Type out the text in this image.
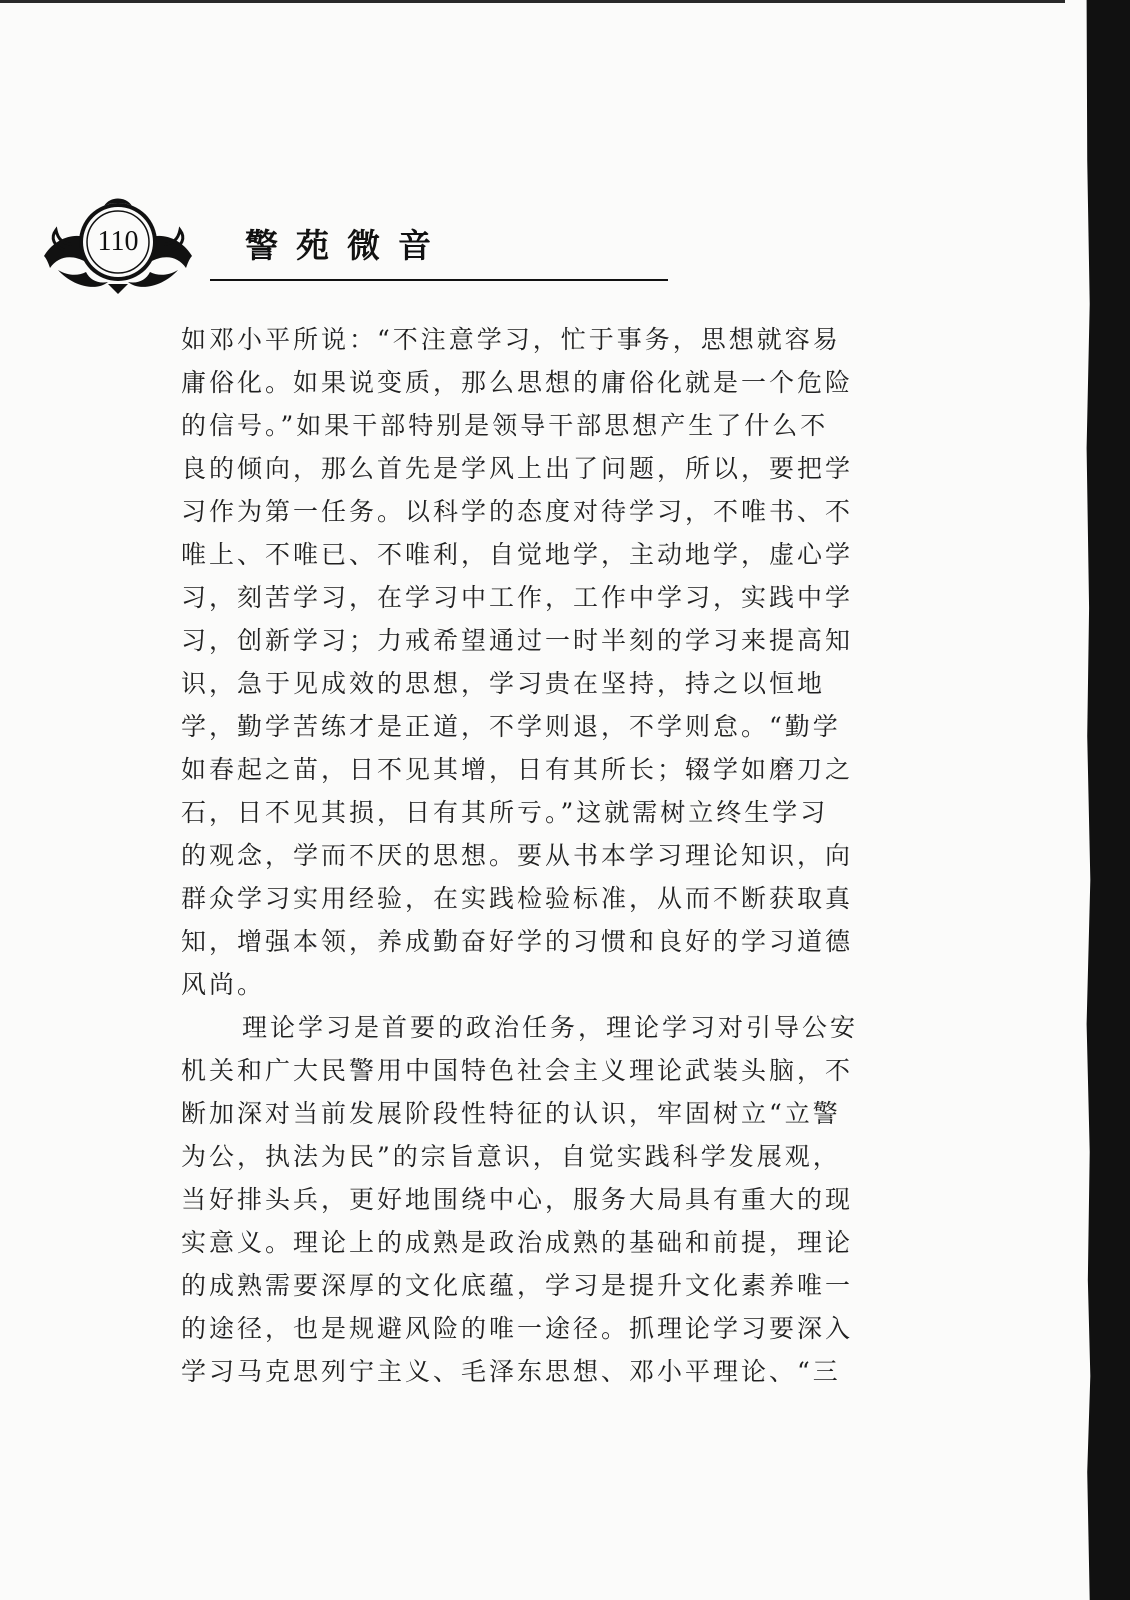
110	警苑微音
如邓小平所说：“不注意学习，忙于事务，思想就容易
庸俗化。如果说变质，那么思想的庸俗化就是一个危险
的信号。”如果干部特别是领导干部思想产生了什么不
良的倾向，那么首先是学风上出了问题，所以，要把学
习作为第一任务。以科学的态度对待学习，不唯书、不
唯上、不唯已、不唯利，自觉地学，主动地学，虚心学
习，刻苦学习，在学习中工作，工作中学习，实践中学
习，创新学习；力戒希望通过一时半刻的学习来提高知
识，急于见成效的思想，学习贵在坚持，持之以恒地
学，勤学苦练才是正道，不学则退，不学则怠。“勤学
如春起之苗，日不见其增，日有其所长；辍学如磨刀之
石，日不见其损，日有其所亏。”这就需树立终生学习
的观念，学而不厌的思想。要从书本学习理论知识，向
群众学习实用经验，在实践检验标准，从而不断获取真
知，增强本领，养成勤奋好学的习惯和良好的学习道德
风尚。
理论学习是首要的政治任务，理论学习对引导公安
机关和广大民警用中国特色社会主义理论武装头脑，不
断加深对当前发展阶段性特征的认识，牢固树立“立警
为公，执法为民”的宗旨意识，自觉实践科学发展观，
当好排头兵，更好地围绕中心，服务大局具有重大的现
实意义。理论上的成熟是政治成熟的基础和前提，理论
的成熟需要深厚的文化底蕴，学习是提升文化素养唯一
的途径，也是规避风险的唯一途径。抓理论学习要深入
学习马克思列宁主义、毛泽东思想、邓小平理论、“三
